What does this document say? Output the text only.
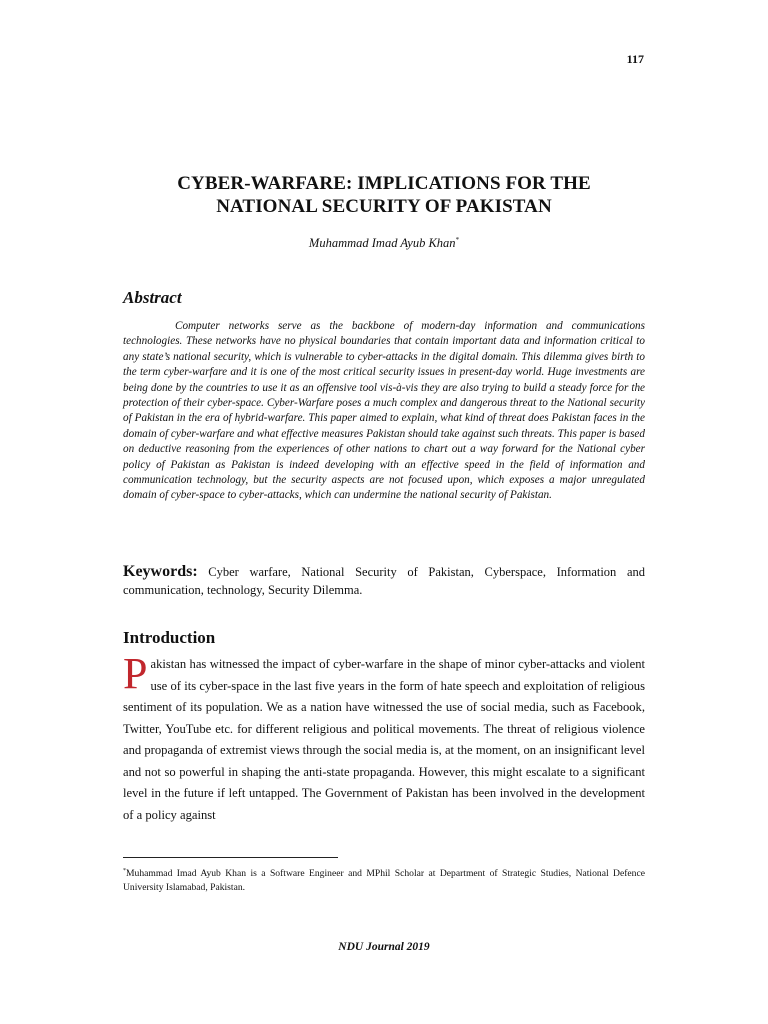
117
CYBER-WARFARE: IMPLICATIONS FOR THE
NATIONAL SECURITY OF PAKISTAN
Muhammad Imad Ayub Khan*
Abstract
Computer networks serve as the backbone of modern-day information and communications technologies. These networks have no physical boundaries that contain important data and information critical to any state’s national security, which is vulnerable to cyber-attacks in the digital domain. This dilemma gives birth to the term cyber-warfare and it is one of the most critical security issues in present-day world. Huge investments are being done by the countries to use it as an offensive tool vis-à-vis they are also trying to build a steady force for the protection of their cyber-space. Cyber-Warfare poses a much complex and dangerous threat to the National security of Pakistan in the era of hybrid-warfare. This paper aimed to explain, what kind of threat does Pakistan faces in the domain of cyber-warfare and what effective measures Pakistan should take against such threats. This paper is based on deductive reasoning from the experiences of other nations to chart out a way forward for the National cyber policy of Pakistan as Pakistan is indeed developing with an effective speed in the field of information and communication technology, but the security aspects are not focused upon, which exposes a major unregulated domain of cyber-space to cyber-attacks, which can undermine the national security of Pakistan.
Keywords: Cyber warfare, National Security of Pakistan, Cyberspace, Information and communication, technology, Security Dilemma.
Introduction
Pakistan has witnessed the impact of cyber-warfare in the shape of minor cyber-attacks and violent use of its cyber-space in the last five years in the form of hate speech and exploitation of religious sentiment of its population. We as a nation have witnessed the use of social media, such as Facebook, Twitter, YouTube etc. for different religious and political movements. The threat of religious violence and propaganda of extremist views through the social media is, at the moment, on an insignificant level and not so powerful in shaping the anti-state propaganda. However, this might escalate to a significant level in the future if left untapped. The Government of Pakistan has been involved in the development of a policy against
*Muhammad Imad Ayub Khan is a Software Engineer and MPhil Scholar at Department of Strategic Studies, National Defence University Islamabad, Pakistan.
NDU Journal 2019
